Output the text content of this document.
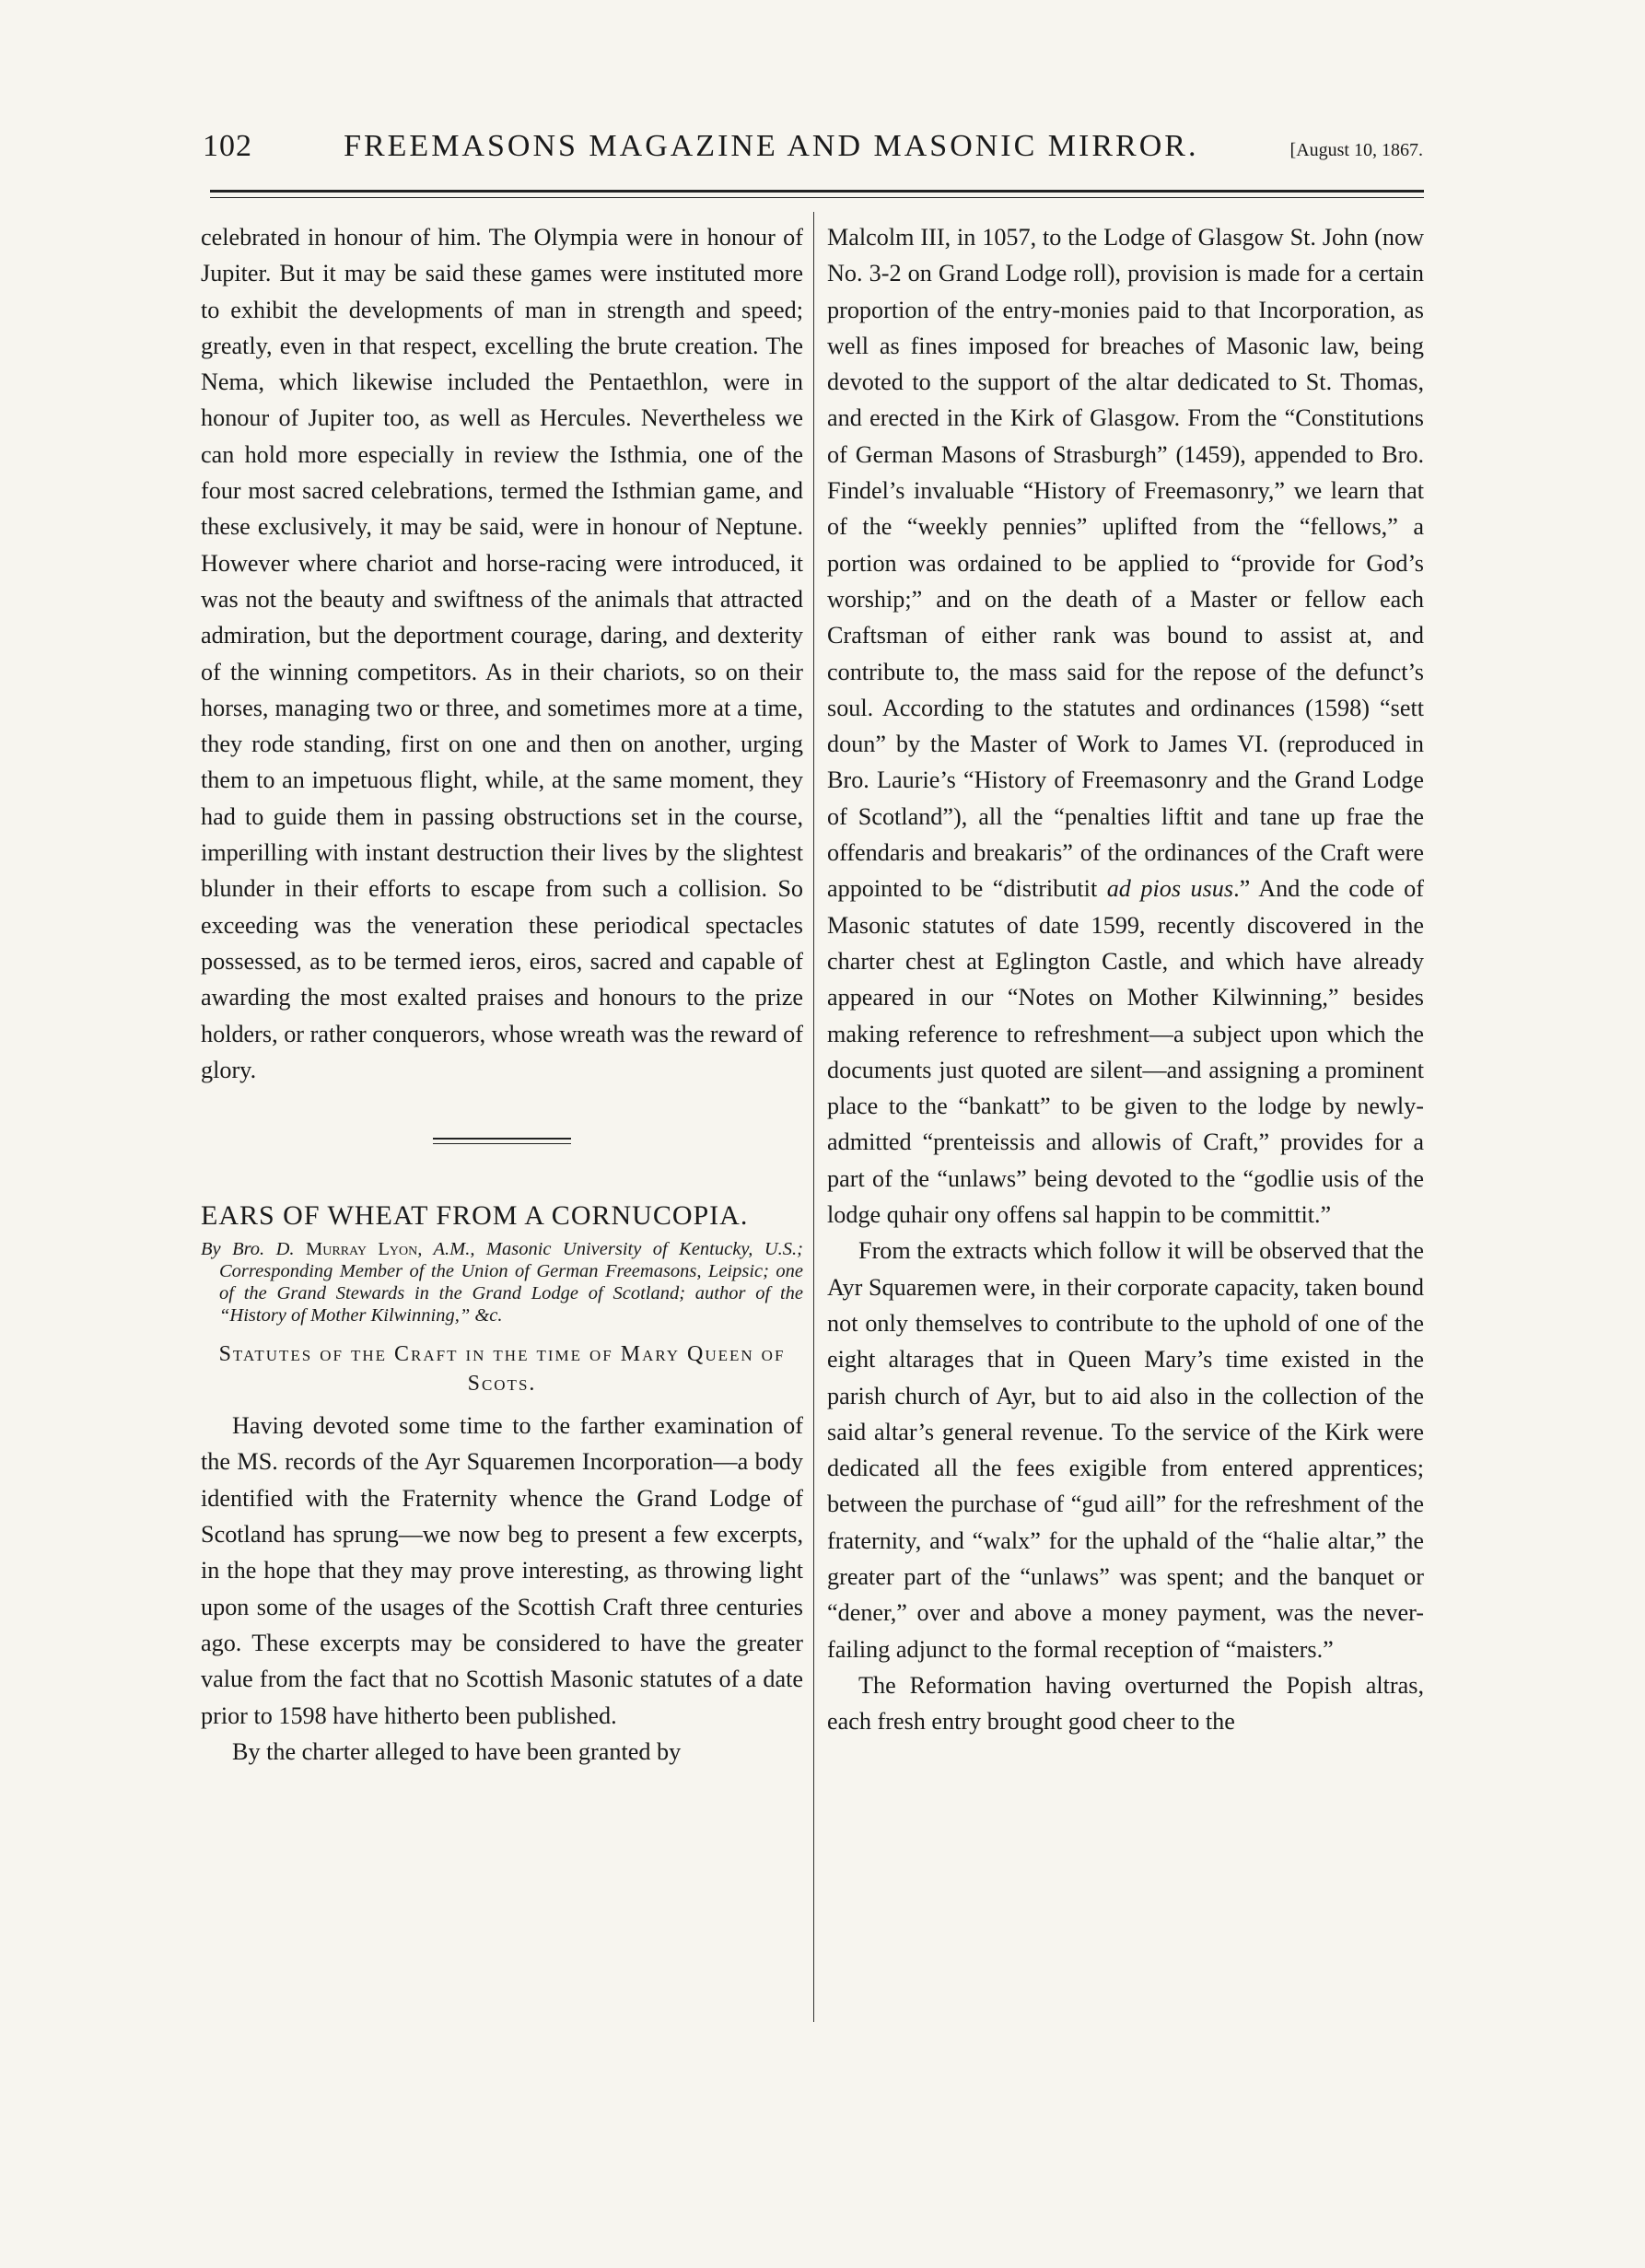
102	FREEMASONS MAGAZINE AND MASONIC MIRROR.	[August 10, 1867.

celebrated in honour of him. The Olympia were in honour of Jupiter. But it may be said these games were instituted more to exhibit the developments of man in strength and speed; greatly, even in that respect, excelling the brute creation. The Nema, which likewise included the Pentaethlon, were in honour of Jupiter too, as well as Hercules. Nevertheless we can hold more especially in review the Isthmia, one of the four most sacred celebrations, termed the Isthmian game, and these exclusively, it may be said, were in honour of Neptune. However where chariot and horse-racing were introduced, it was not the beauty and swiftness of the animals that attracted admiration, but the deportment courage, daring, and dexterity of the winning competitors. As in their chariots, so on their horses, managing two or three, and sometimes more at a time, they rode standing, first on one and then on another, urging them to an impetuous flight, while, at the same moment, they had to guide them in passing obstructions set in the course, imperilling with instant destruction their lives by the slightest blunder in their efforts to escape from such a collision. So exceeding was the veneration these periodical spectacles possessed, as to be termed ieros, eiros, sacred and capable of awarding the most exalted praises and honours to the prize holders, or rather conquerors, whose wreath was the reward of glory.

EARS OF WHEAT FROM A CORNUCOPIA.
By Bro. D. Murray Lyon, A.M., Masonic University of Kentucky, U.S.; Corresponding Member of the Union of German Freemasons, Leipsic; one of the Grand Stewards in the Grand Lodge of Scotland; author of the “History of Mother Kilwinning,” &c.
Statutes of the Craft in the time of Mary Queen of Scots.

Having devoted some time to the farther examination of the MS. records of the Ayr Squaremen Incorporation—a body identified with the Fraternity whence the Grand Lodge of Scotland has sprung—we now beg to present a few excerpts, in the hope that they may prove interesting, as throwing light upon some of the usages of the Scottish Craft three centuries ago. These excerpts may be considered to have the greater value from the fact that no Scottish Masonic statutes of a date prior to 1598 have hitherto been published.

By the charter alleged to have been granted by

Malcolm III, in 1057, to the Lodge of Glasgow St. John (now No. 3-2 on Grand Lodge roll), provision is made for a certain proportion of the entry-monies paid to that Incorporation, as well as fines imposed for breaches of Masonic law, being devoted to the support of the altar dedicated to St. Thomas, and erected in the Kirk of Glasgow. From the “Constitutions of German Masons of Strasburgh” (1459), appended to Bro. Findel’s invaluable “History of Freemasonry,” we learn that of the “weekly pennies” uplifted from the “fellows,” a portion was ordained to be applied to “provide for God’s worship;” and on the death of a Master or fellow each Craftsman of either rank was bound to assist at, and contribute to, the mass said for the repose of the defunct’s soul. According to the statutes and ordinances (1598) “sett doun” by the Master of Work to James VI. (reproduced in Bro. Laurie’s “History of Freemasonry and the Grand Lodge of Scotland”), all the “penalties liftit and tane up frae the offendaris and breakaris” of the ordinances of the Craft were appointed to be “distributit ad pios usus.” And the code of Masonic statutes of date 1599, recently discovered in the charter chest at Eglington Castle, and which have already appeared in our “Notes on Mother Kilwinning,” besides making reference to refreshment—a subject upon which the documents just quoted are silent—and assigning a prominent place to the “bankatt” to be given to the lodge by newly-admitted “prenteissis and allowis of Craft,” provides for a part of the “unlaws” being devoted to the “godlie usis of the lodge quhair ony offens sal happin to be committit.”

From the extracts which follow it will be observed that the Ayr Squaremen were, in their corporate capacity, taken bound not only themselves to contribute to the uphold of one of the eight altarages that in Queen Mary’s time existed in the parish church of Ayr, but to aid also in the collection of the said altar’s general revenue. To the service of the Kirk were dedicated all the fees exigible from entered apprentices; between the purchase of “gud aill” for the refreshment of the fraternity, and “walx” for the uphald of the “halie altar,” the greater part of the “unlaws” was spent; and the banquet or “dener,” over and above a money payment, was the never-failing adjunct to the formal reception of “maisters.”

The Reformation having overturned the Popish altras, each fresh entry brought good cheer to the
